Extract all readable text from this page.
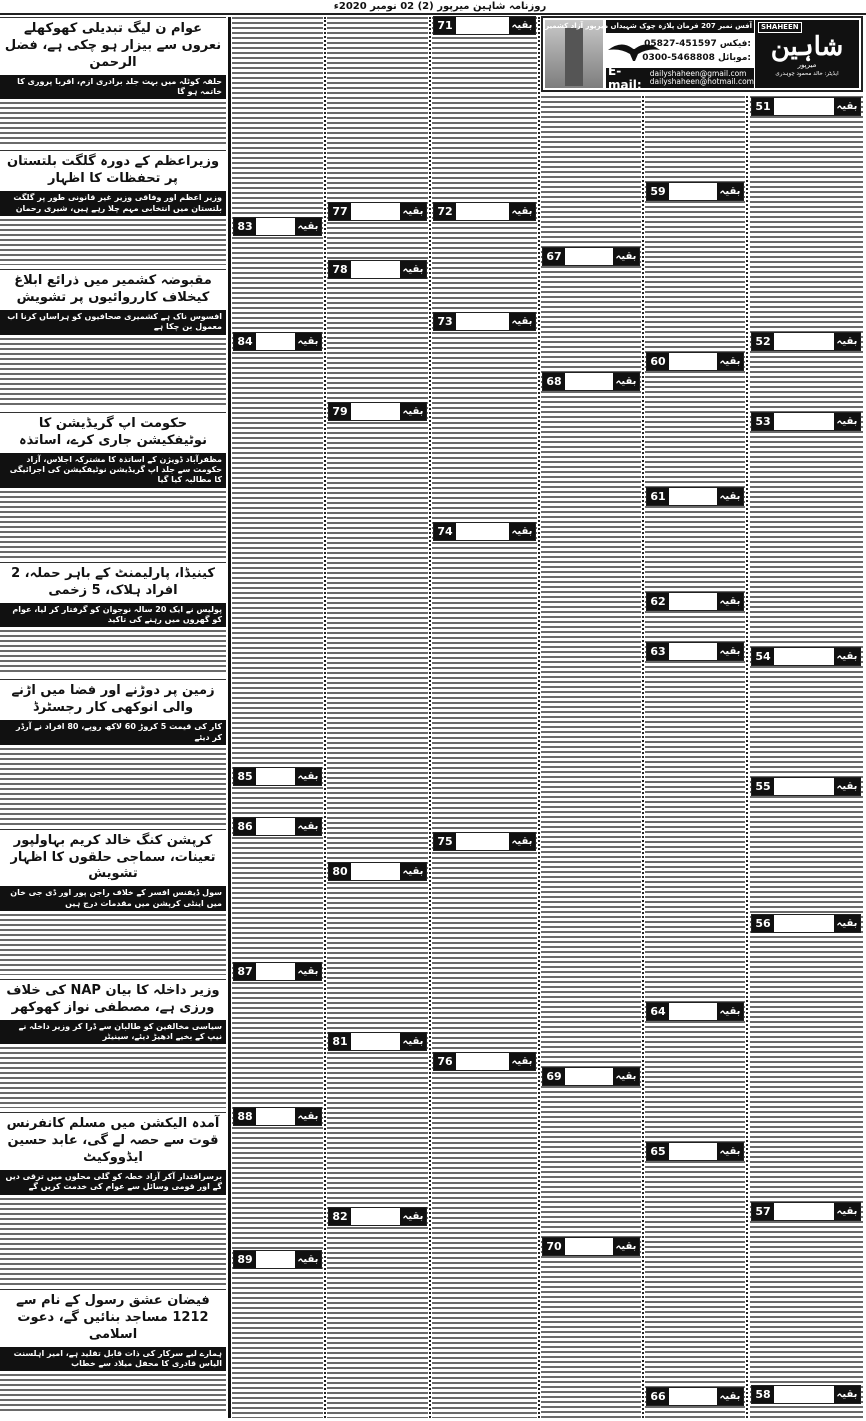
روزنامہ شاہین میرپور (2) 02 نومبر 2020ء
آفس نمبر 207 فرمان پلازہ چوک شہیداں میرپور آزاد کشمیر
05827-451597 فیکس:
0300-5468808 موبائل:
E-mail:
dailyshaheen@gmail.com
dailyshaheen@hotmail.com
SHAHEEN
شاہین
میرپور
ایڈیٹر: خالد محمود چوہدری
عوام ن لیگ تبدیلی کھوکھلے نعروں سے بیزار ہو چکی ہے، فضل الرحمن
حلقہ کوٹلہ میں بہت جلد برادری ازم، اقربا پروری کا خاتمہ ہو گا
وزیراعظم کے دورہ گلگت بلتستان پر تحفظات کا اظہار
وزیر اعظم اور وفاقی وزیر غیر قانونی طور پر گلگت بلتستان میں انتخابی مہم چلا رہے ہیں، شیری رحمان
مقبوضہ کشمیر میں ذرائع ابلاغ کیخلاف کارروائیوں پر تشویش
افسوس ناک ہے کشمیری صحافیوں کو ہراساں کرنا اب معمول بن چکا ہے
حکومت اپ گریڈیشن کا نوٹیفکیشن جاری کرے، اساتذہ
مظفرآباد ڈویژن کے اساتذہ کا مشترکہ اجلاس، آزاد حکومت سے جلد اپ گریڈیشن نوٹیفکیشن کی اجرائیگی کا مطالبہ کیا گیا
کینیڈا، پارلیمنٹ کے باہر حملہ، 2 افراد ہلاک، 5 زخمی
پولیس نے ایک 20 سالہ نوجوان کو گرفتار کر لیا، عوام کو گھروں میں رہنے کی تاکید
زمین پر دوڑنے اور فضا میں اڑنے والی انوکھی کار رجسٹرڈ
کار کی قیمت 5 کروڑ 60 لاکھ روپے، 80 افراد نے آرڈر کر دیئے
کرپشن کنگ خالد کریم بہاولپور تعینات، سماجی حلقوں کا اظہار تشویش
سول ڈیفنس افسر کے خلاف راجن پور اور ڈی جی خان میں اینٹی کرپشن میں مقدمات درج ہیں
وزیر داخلہ کا بیان NAP کی خلاف ورزی ہے، مصطفی نواز کھوکھر
سیاسی مخالفین کو طالبان سے ڈرا کر وزیر داخلہ نے نیپ کے بخیے ادھیڑ دیئے، سینیٹر
آمدہ الیکشن میں مسلم کانفرنس قوت سے حصہ لے گی، عابد حسین ایڈووکیٹ
برسراقتدار آکر آزاد خطہ کو گلی محلوں میں ترقی دیں گے اور قومی وسائل سے عوام کی خدمت کریں گے
فیضان عشق رسول کے نام سے 1212 مساجد بنائیں گے، دعوت اسلامی
ہمارے لیے سرکار کی ذات قابل تقلید ہے، امیر اہلسنت الیاس قادری کا محفل میلاد سے خطاب
51	بقیہ
52	بقیہ
53	بقیہ
54	بقیہ
55	بقیہ
56	بقیہ
57	بقیہ
58	بقیہ
59	بقیہ
60	بقیہ
61	بقیہ
62	بقیہ
63	بقیہ
64	بقیہ
65	بقیہ
66	بقیہ
67	بقیہ
68	بقیہ
69	بقیہ
70	بقیہ
71	بقیہ
72	بقیہ
73	بقیہ
74	بقیہ
75	بقیہ
76	بقیہ
77	بقیہ
78	بقیہ
79	بقیہ
80	بقیہ
81	بقیہ
82	بقیہ
83	بقیہ
84	بقیہ
85	بقیہ
86	بقیہ
87	بقیہ
88	بقیہ
89	بقیہ
